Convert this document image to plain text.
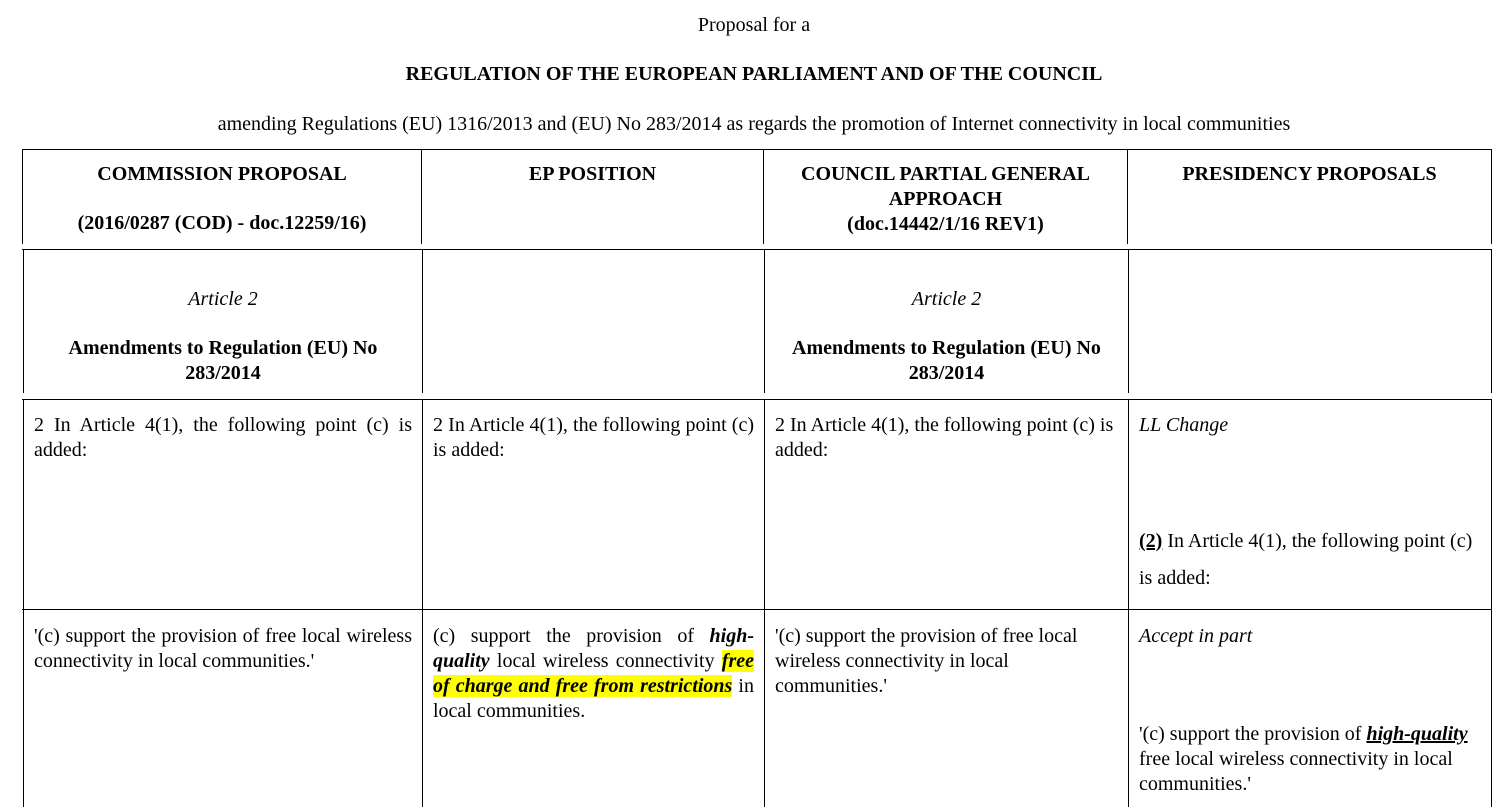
Proposal for a
REGULATION OF THE EUROPEAN PARLIAMENT AND OF THE COUNCIL
amending Regulations (EU) 1316/2013 and (EU) No 283/2014 as regards the promotion of Internet connectivity in local communities
COMMISSION PROPOSAL
(2016/0287 (COD) - doc.12259/16)
EP POSITION	COUNCIL PARTIAL GENERAL
APPROACH
(doc.14442/1/16 REV1)
PRESIDENCY PROPOSALS
Article 2
Amendments to Regulation (EU) No
283/2014
Article 2
Amendments to Regulation (EU) No
283/2014
2 In Article 4(1), the following point (c) is added:
2 In Article 4(1), the following point (c) is added:
2 In Article 4(1), the following point (c) is added:
LL Change
(2) In Article 4(1), the following point (c) is added:
'(c) support the provision of free local wireless connectivity in local communities.'
(c) support the provision of high-quality local wireless connectivity free of charge and free from restrictions in local communities.
'(c) support the provision of free local wireless connectivity in local communities.'
Accept in part
'(c) support the provision of high-quality free local wireless connectivity in local communities.'
